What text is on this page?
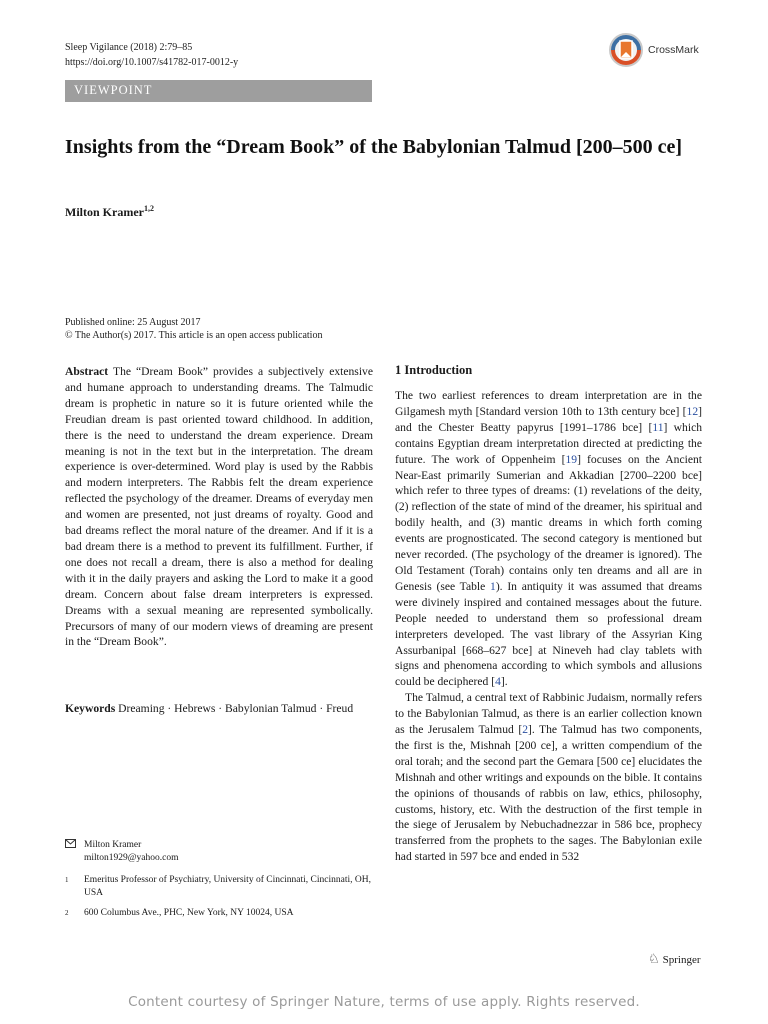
Sleep Vigilance (2018) 2:79–85
https://doi.org/10.1007/s41782-017-0012-y
CrossMark
VIEWPOINT
Insights from the “Dream Book” of the Babylonian Talmud [200–500 ce]
Milton Kramer$^{1,2}$
Published online: 25 August 2017
© The Author(s) 2017. This article is an open access publication

Abstract The “Dream Book” provides a subjectively extensive and humane approach to understanding dreams. The Talmudic dream is prophetic in nature so it is future oriented while the Freudian dream is past oriented toward childhood. In addition, there is the need to understand the dream experience. Dream meaning is not in the text but in the interpretation. The dream experience is over-determined. Word play is used by the Rabbis and modern interpreters. The Rabbis felt the dream experience reflected the psychology of the dreamer. Dreams of everyday men and women are presented, not just dreams of royalty. Good and bad dreams reflect the moral nature of the dreamer. And if it is a bad dream there is a method to prevent its fulfillment. Further, if one does not recall a dream, there is also a method for dealing with it in the daily prayers and asking the Lord to make it a good dream. Concern about false dream interpreters is expressed. Dreams with a sexual meaning are represented symbolically. Precursors of many of our modern views of dreaming are present in the “Dream Book”.

Keywords Dreaming · Hebrews · Babylonian Talmud · Freud

1 Introduction

The two earliest references to dream interpretation are in the Gilgamesh myth [Standard version 10th to 13th century bce] [12] and the Chester Beatty papyrus [1991–1786 bce] [11] which contains Egyptian dream interpretation directed at predicting the future. The work of Oppenheim [19] focuses on the Ancient Near-East primarily Sumerian and Akkadian [2700–2200 bce] which refer to three types of dreams: (1) revelations of the deity, (2) reflection of the state of mind of the dreamer, his spiritual and bodily health, and (3) mantic dreams in which forth coming events are prognosticated. The second category is mentioned but never recorded. (The psychology of the dreamer is ignored). The Old Testament (Torah) contains only ten dreams and all are in Genesis (see Table 1). In antiquity it was assumed that dreams were divinely inspired and contained messages about the future. People needed to understand them so professional dream interpreters developed. The vast library of the Assyrian King Assurbanipal [668–627 bce] at Nineveh had clay tablets with signs and phenomena according to which symbols and allusions could be deciphered [4].

The Talmud, a central text of Rabbinic Judaism, normally refers to the Babylonian Talmud, as there is an earlier collection known as the Jerusalem Talmud [2]. The Talmud has two components, the first is the, Mishnah [200 ce], a written compendium of the oral torah; and the second part the Gemara [500 ce] elucidates the Mishnah and other writings and expounds on the bible. It contains the opinions of thousands of rabbis on law, ethics, philosophy, customs, history, etc. With the destruction of the first temple in the siege of Jerusalem by Nebuchadnezzar in 586 bce, prophecy transferred from the prophets to the sages. The Babylonian exile had started in 597 bce and ended in 532

Milton Kramer
milton1929@yahoo.com
1 Emeritus Professor of Psychiatry, University of Cincinnati, Cincinnati, OH, USA
2 600 Columbus Ave., PHC, New York, NY 10024, USA
♘ Springer
Content courtesy of Springer Nature, terms of use apply. Rights reserved.
